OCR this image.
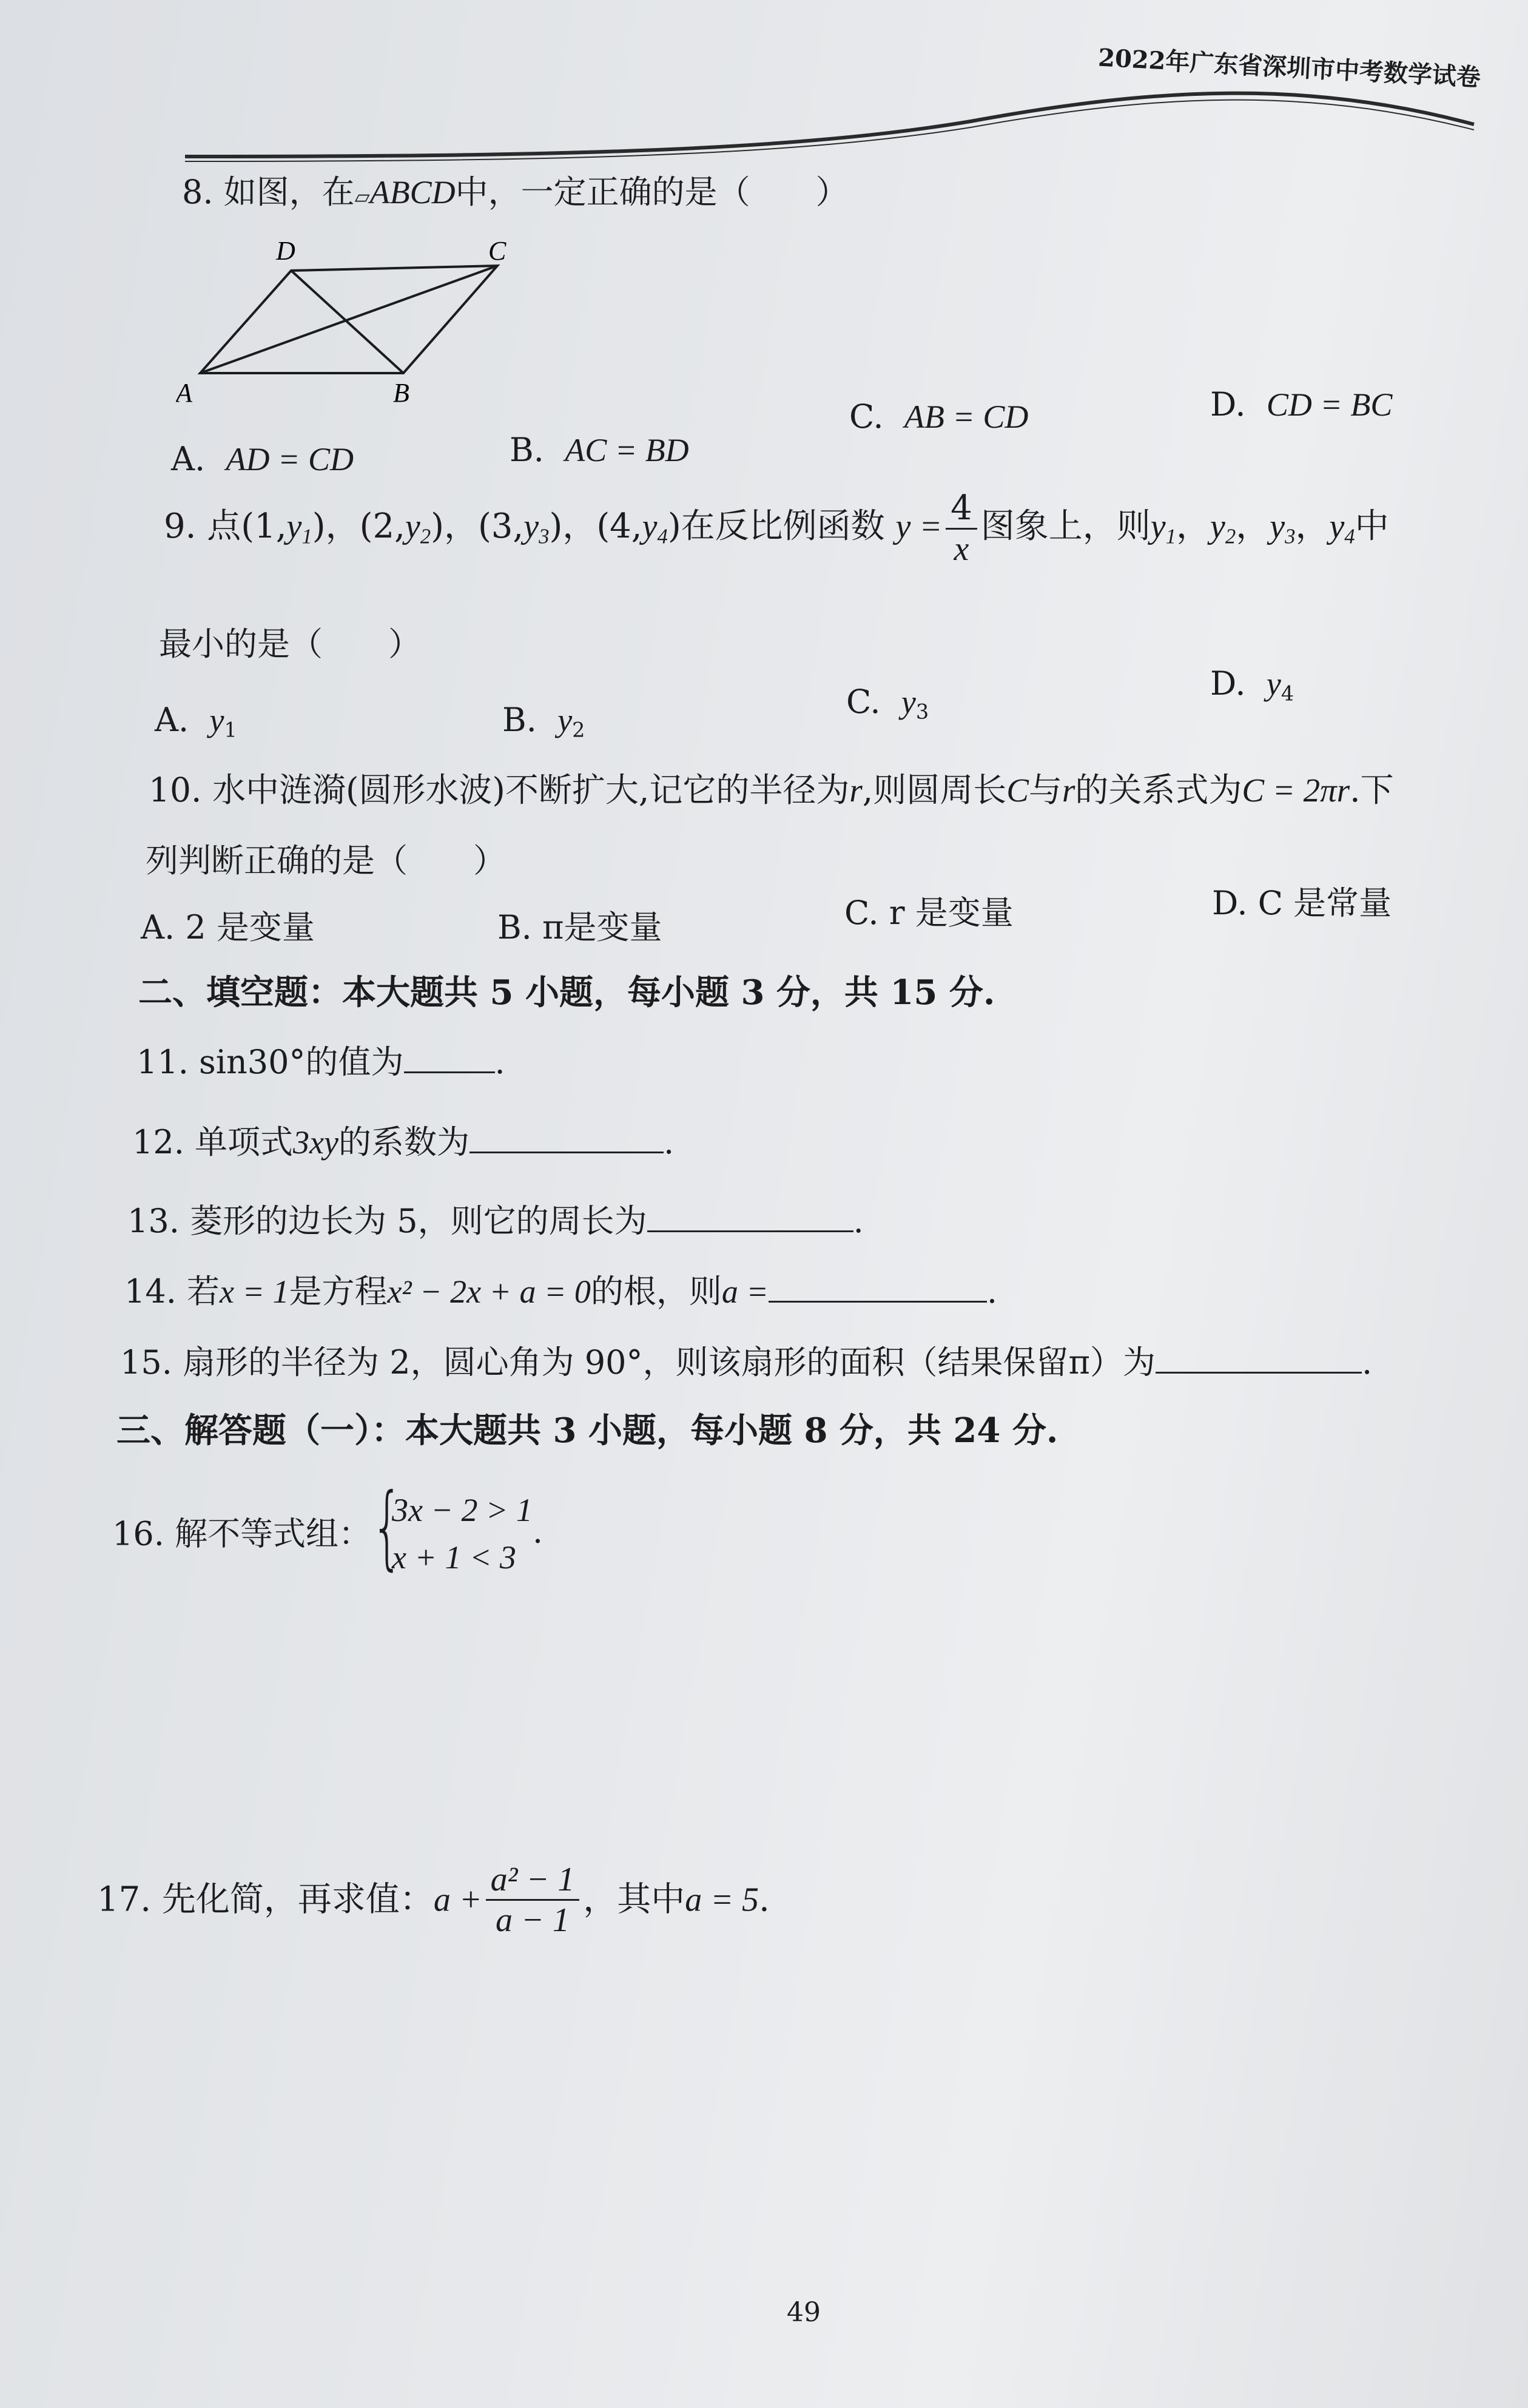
2022年广东省深圳市中考数学试卷
8. 如图，在▱ABCD中，一定正确的是（　　）
A	B
C
D
A. AD = CD	B. AC = BD
C. AB = CD	D. CD = BC
9. 点$(1,y_1)$，$(2,y_2)$，$(3,y_3)$，$(4,y_4)$在反比例函数 $y = \frac{4}{x}$ 图象上，则$y_1$，$y_2$，$y_3$，$y_4$中
最小的是（　　）
A. $y_1$	B. $y_2$
C. $y_3$
D. $y_4$
10. 水中涟漪(圆形水波)不断扩大,记它的半径为r,则圆周长C与r的关系式为C = 2πr.下
列判断正确的是（　　）
A. 2 是变量	B. π是变量	C. r 是变量	D. C 是常量
二、填空题：本大题共 5 小题，每小题 3 分，共 15 分.
11. sin30°的值为	.
12. 单项式3xy的系数为	.
13. 菱形的边长为 5，则它的周长为	.
14. 若x = 1是方程x² − 2x + a = 0的根，则a =	.
15. 扇形的半径为 2，圆心角为 90°，则该扇形的面积（结果保留π）为	.
三、解答题（一）：本大题共 3 小题，每小题 8 分，共 24 分.
16. 解不等式组： {
3x − 2 > 1
x + 1 < 3
.
17. 先化简，再求值：$a + \frac{\text{a² − 1}}{a - 1}$ ，其中a = 5.
49
